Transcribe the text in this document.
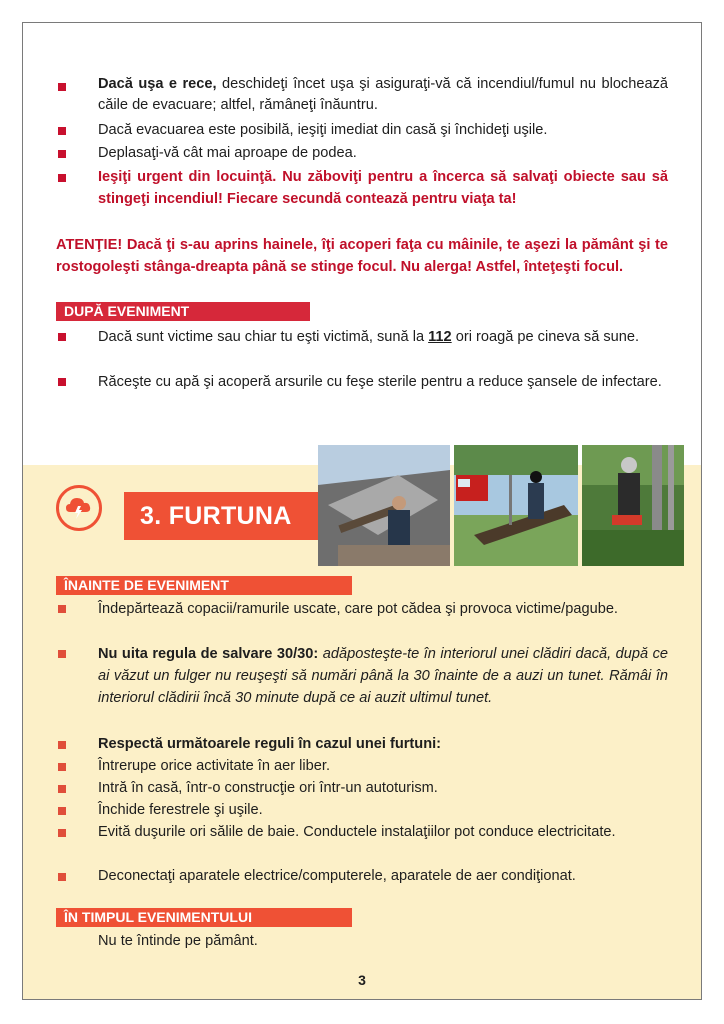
Dacă uşa e rece, deschideţi încet uşa şi asiguraţi-vă că incendiul/fumul nu blochează căile de evacuare; altfel, rămâneţi înăuntru.
Dacă evacuarea este posibilă, ieşiţi imediat din casă şi închideţi uşile.
Deplasaţi-vă cât mai aproape de podea.
Ieşiţi urgent din locuinţă. Nu zăboviţi pentru a încerca să salvaţi obiecte sau să stingeţi incendiul! Fiecare secundă contează pentru viaţa ta!
ATENŢIE! Dacă ţi s-au aprins hainele, îţi acoperi faţa cu mâinile, te aşezi la pământ şi te rostogoleşti stânga-dreapta până se stinge focul. Nu alerga! Astfel, înteţeşti focul.
DUPĂ EVENIMENT
Dacă sunt victime sau chiar tu eşti victimă, sună la 112 ori roagă pe cineva să sune.
Răceşte cu apă şi acoperă arsurile cu feşe sterile pentru a reduce şansele de infectare.
3. FURTUNA
ÎNAINTE DE EVENIMENT
Îndepărtează copacii/ramurile uscate, care pot cădea şi provoca victime/pagube.
Nu uita regula de salvare 30/30: adăposteşte-te în interiorul unei clădiri dacă, după ce ai văzut un fulger nu reuşeşti să numări până la 30 înainte de a auzi un tunet. Rămâi în interiorul clădirii încă 30 minute după ce ai auzit ultimul tunet.
Respectă următoarele reguli în cazul unei furtuni:
Întrerupe orice activitate în aer liber.
Intră în casă, într-o construcţie ori într-un autoturism.
Închide ferestrele şi uşile.
Evită duşurile ori sălile de baie. Conductele instalaţiilor pot conduce electricitate.
Deconectaţi aparatele electrice/computerele, aparatele de aer condiţionat.
ÎN TIMPUL EVENIMENTULUI
Nu te întinde pe pământ.
3
